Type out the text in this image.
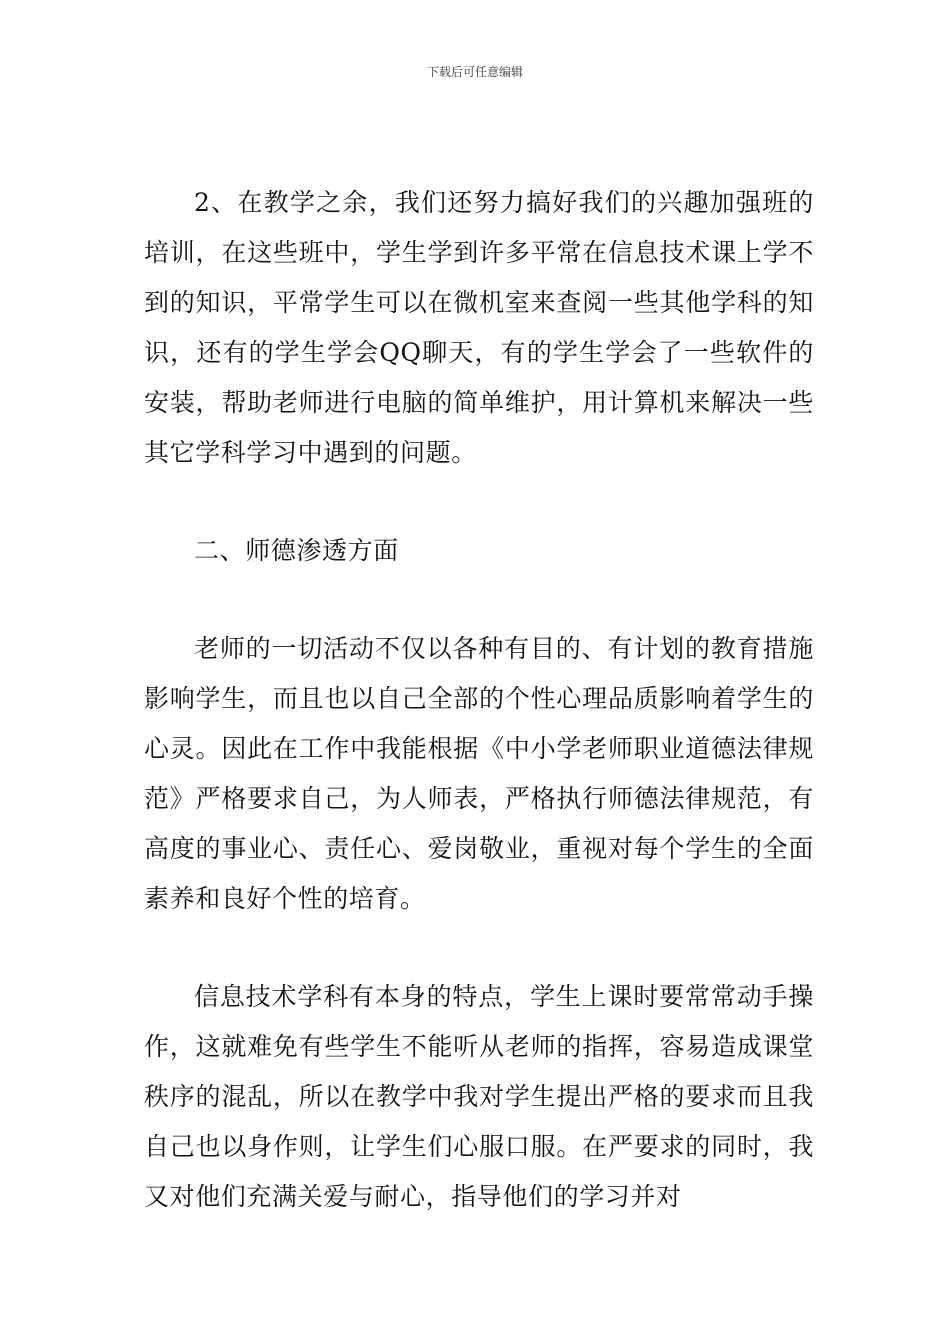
下载后可任意编辑

2、在教学之余，我们还努力搞好我们的兴趣加强班的培训，在这些班中，学生学到许多平常在信息技术课上学不到的知识，平常学生可以在微机室来查阅一些其他学科的知识，还有的学生学会QQ聊天，有的学生学会了一些软件的安装，帮助老师进行电脑的简单维护，用计算机来解决一些其它学科学习中遇到的问题。

二、师德渗透方面

老师的一切活动不仅以各种有目的、有计划的教育措施影响学生，而且也以自己全部的个性心理品质影响着学生的心灵。因此在工作中我能根据《中小学老师职业道德法律规范》严格要求自己，为人师表，严格执行师德法律规范，有高度的事业心、责任心、爱岗敬业，重视对每个学生的全面素养和良好个性的培育。

信息技术学科有本身的特点，学生上课时要常常动手操作，这就难免有些学生不能听从老师的指挥，容易造成课堂秩序的混乱，所以在教学中我对学生提出严格的要求而且我自己也以身作则，让学生们心服口服。在严要求的同时，我又对他们充满关爱与耐心，指导他们的学习并对
